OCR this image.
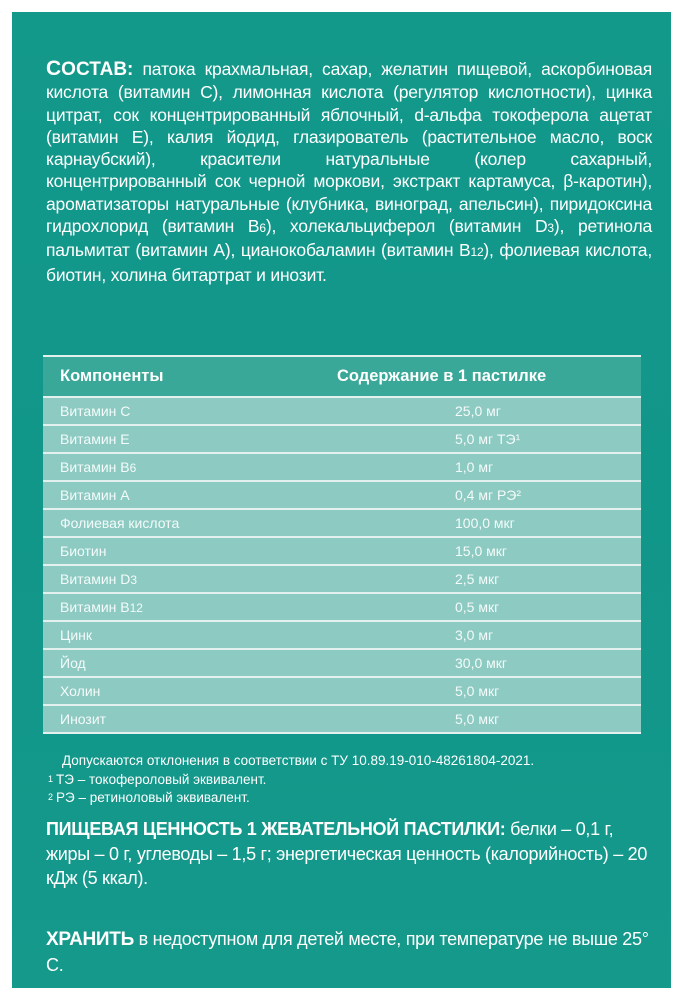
СОСТАВ: патока крахмальная, сахар, желатин пищевой, аскорбиновая кислота (витамин С), лимонная кислота (регулятор кислотности), цинка цитрат, сок концентрированный яблочный, d-альфа токоферола ацетат (витамин Е), калия йодид, глазирователь (растительное масло, воск карнаубский), красители натуральные (колер сахарный, концентрированный сок черной моркови, экстракт картамуса, β-каротин), ароматизаторы натуральные (клубника, виноград, апельсин), пиридоксина гидрохлорид (витамин B6), холекальциферол (витамин D3), ретинола пальмитат (витамин А), цианокобаламин (витамин B12), фолиевая кислота, биотин, холина битартрат и инозит.
Компоненты	Содержание в 1 пастилке
Витамин С	25,0 мг
Витамин Е	5,0 мг ТЭ¹
Витамин B6	1,0 мг
Витамин А	0,4 мг РЭ²
Фолиевая кислота	100,0 мкг
Биотин	15,0 мкг
Витамин D3	2,5 мкг
Витамин B12	0,5 мкг
Цинк	3,0 мг
Йод	30,0 мкг
Холин	5,0 мкг
Инозит	5,0 мкг
Допускаются отклонения в соответствии с ТУ 10.89.19-010-48261804-2021.
$^1$ ТЭ – токофероловый эквивалент.
$^2$ РЭ – ретиноловый эквивалент.
ПИЩЕВАЯ ЦЕННОСТЬ 1 ЖЕВАТЕЛЬНОЙ ПАСТИЛКИ: белки – 0,1 г, жиры – 0 г, углеводы – 1,5 г; энергетическая ценность (калорийность) – 20 кДж (5 ккал).
ХРАНИТЬ в недоступном для детей месте, при температуре не выше 25° С.
